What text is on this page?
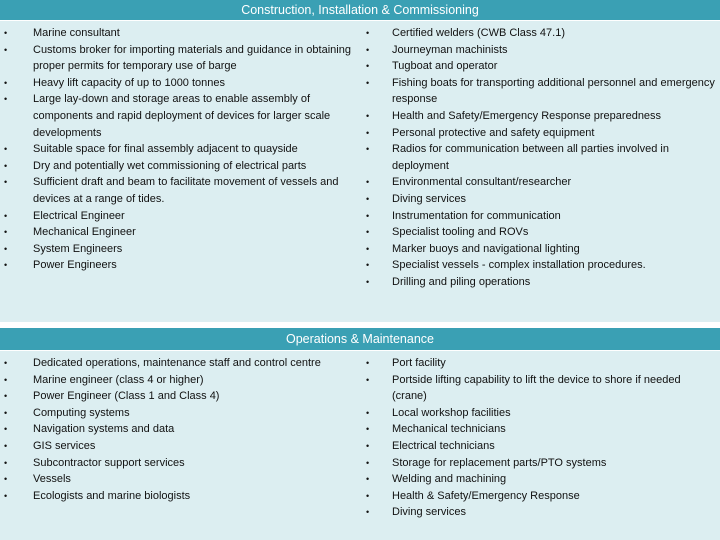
Construction, Installation & Commissioning
• Marine consultant
• Customs broker for importing materials and guidance in obtaining proper permits for temporary use of barge
• Heavy lift capacity of up to 1000 tonnes
• Large lay-down and storage areas to enable assembly of components and rapid deployment of devices for larger scale developments
• Suitable space for final assembly adjacent to quayside
• Dry and potentially wet commissioning of electrical parts
• Sufficient draft and beam to facilitate movement of vessels and devices at a range of tides.
• Electrical Engineer
• Mechanical Engineer
• System Engineers
• Power Engineers
• Certified welders (CWB Class 47.1)
• Journeyman machinists
• Tugboat and operator
• Fishing boats for transporting additional personnel and emergency response
• Health and Safety/Emergency Response preparedness
• Personal protective and safety equipment
• Radios for communication between all parties involved in deployment
• Environmental consultant/researcher
• Diving services
• Instrumentation for communication
• Specialist tooling and ROVs
• Marker buoys and navigational lighting
• Specialist vessels - complex installation procedures.
• Drilling and piling operations
Operations & Maintenance
• Dedicated operations, maintenance staff and control centre
• Marine engineer (class 4 or higher)
• Power Engineer (Class 1 and Class 4)
• Computing systems
• Navigation systems and data
• GIS services
• Subcontractor support services
• Vessels
• Ecologists and marine biologists
• Port facility
• Portside lifting capability to lift the device to shore if needed (crane)
• Local workshop facilities
• Mechanical technicians
• Electrical technicians
• Storage for replacement parts/PTO systems
• Welding and machining
• Health & Safety/Emergency Response
• Diving services
